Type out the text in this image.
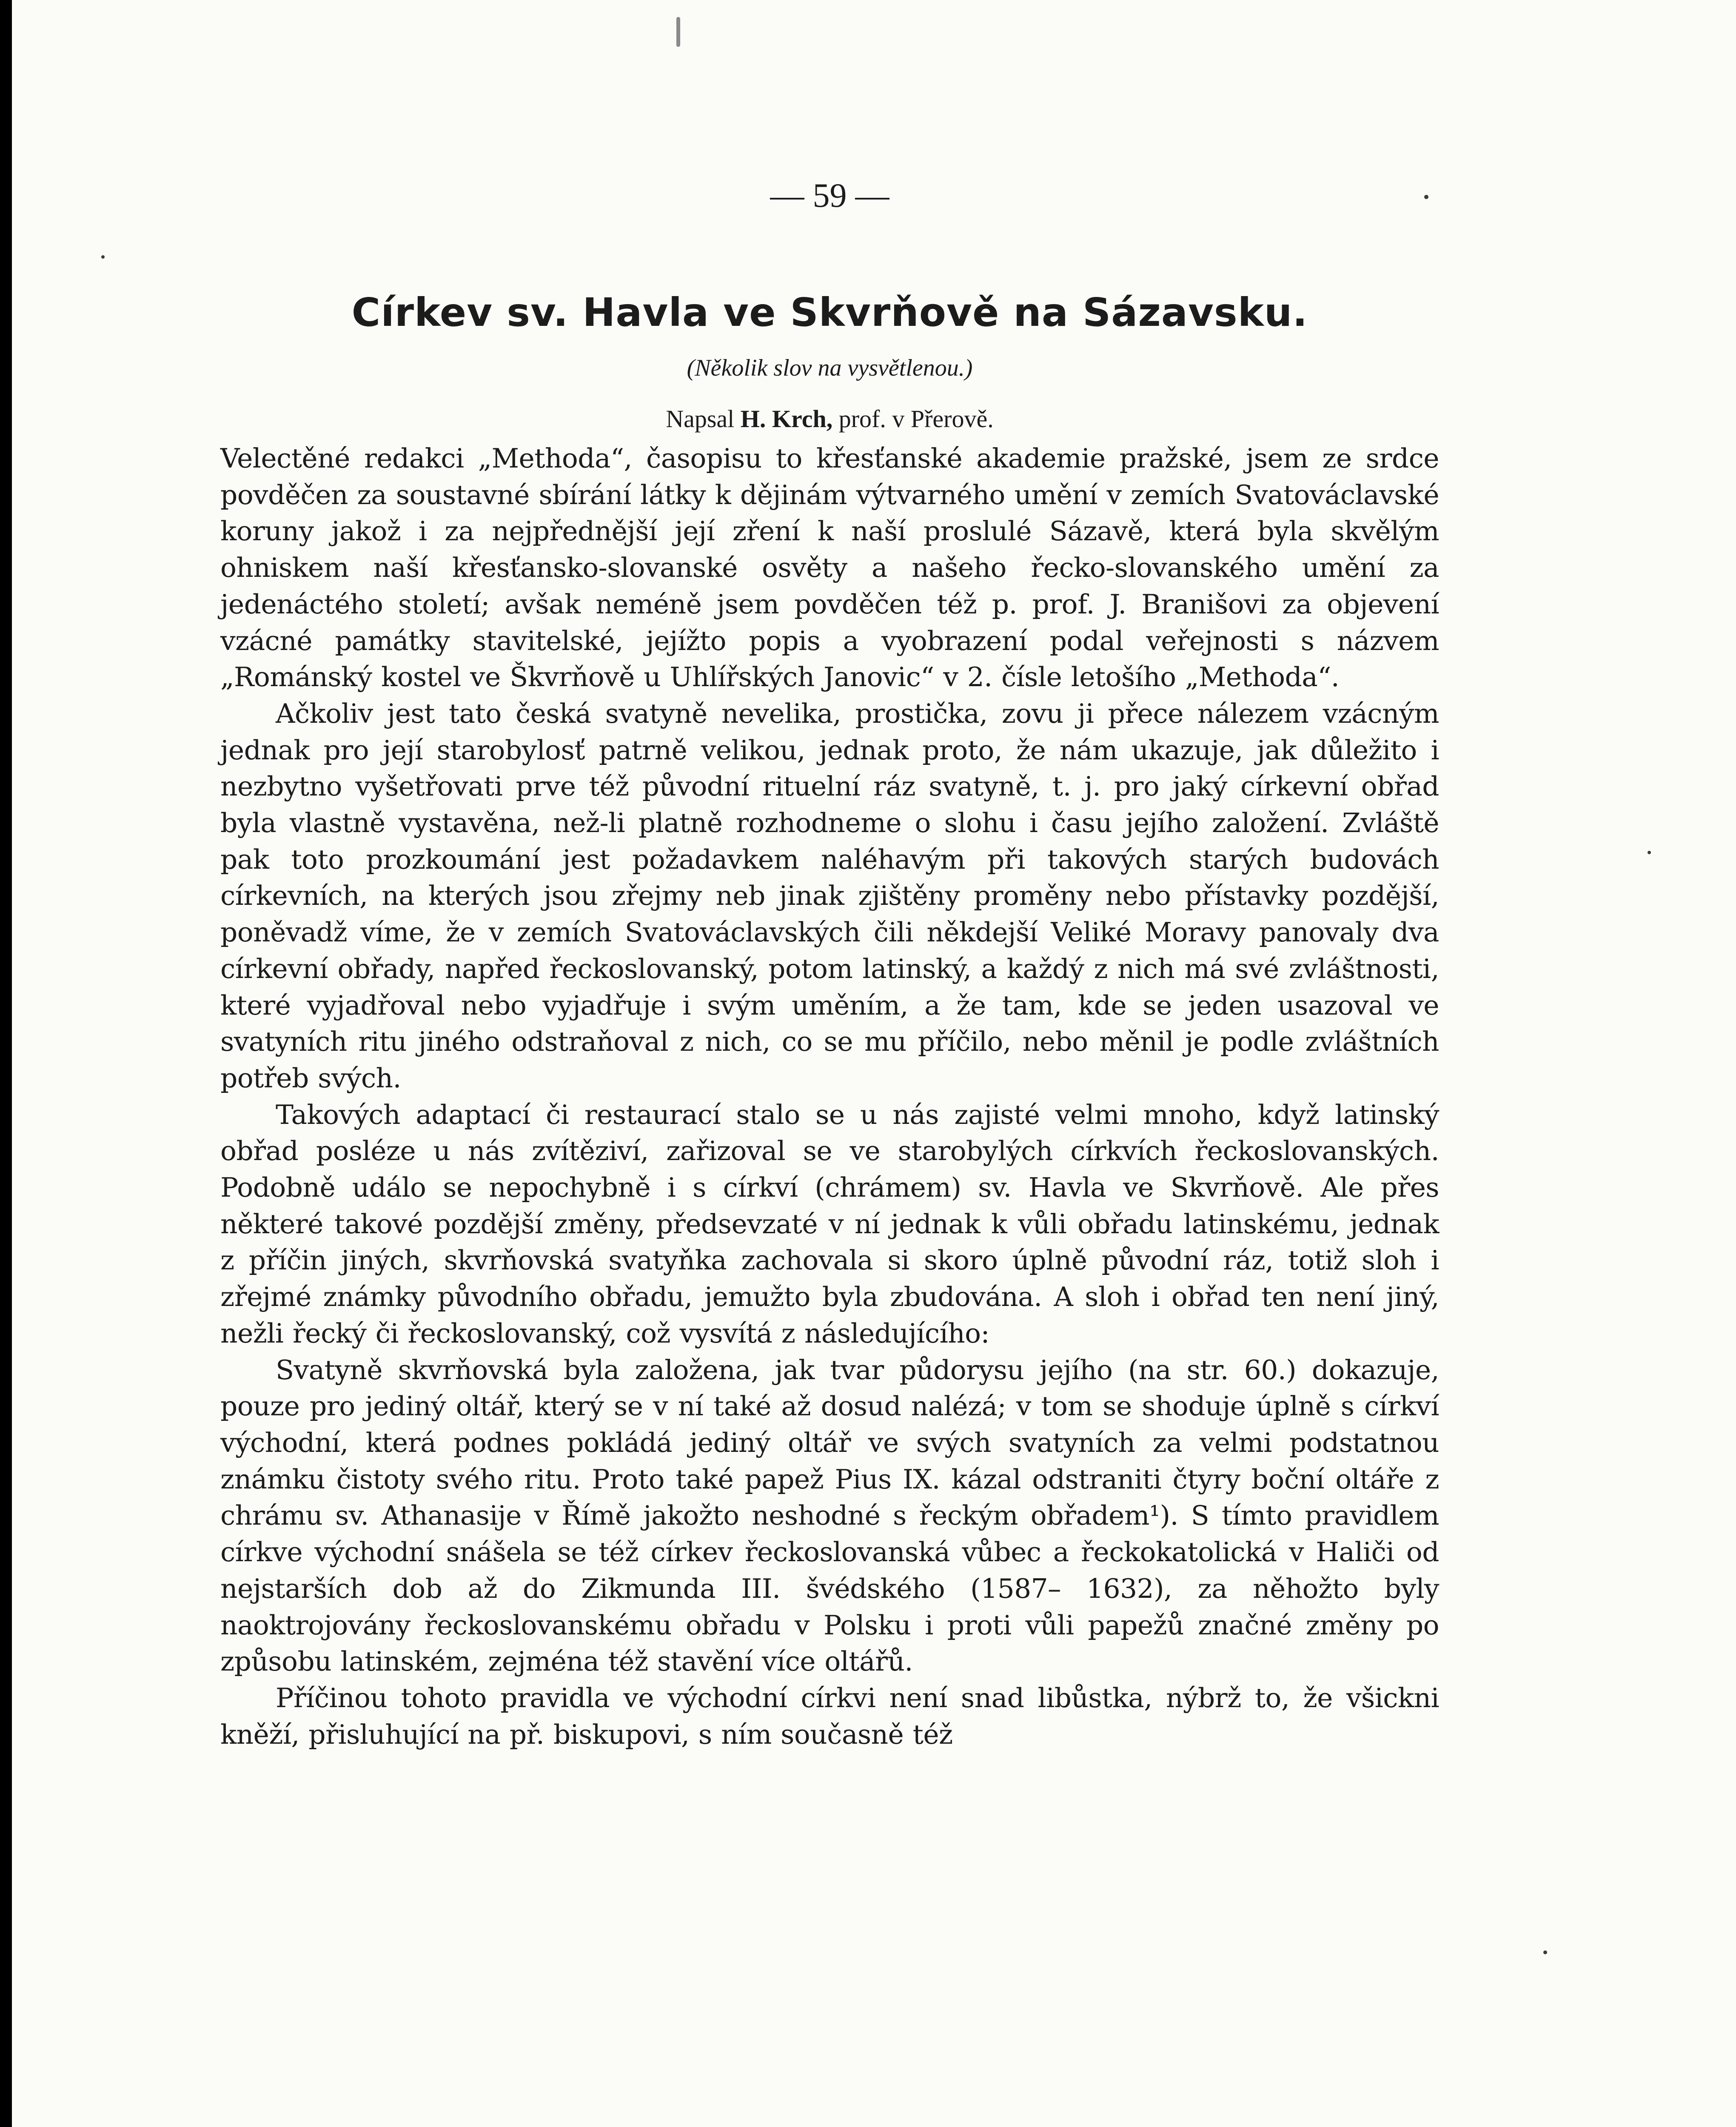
— 59 —
Církev sv. Havla ve Skvrňově na Sázavsku.
(Několik slov na vysvětlenou.)
Napsal H. Krch, prof. v Přerově.

Velectěné redakci „Methoda“, časopisu to křesťanské akademie pražské, jsem ze srdce povděčen za soustavné sbírání látky k dějinám výtvarného umění v zemích Svatováclavské koruny jakož i za nejpřednější její zření k naší proslulé Sázavě, která byla skvělým ohniskem naší křesťansko-slovanské osvěty a našeho řecko-slovanského umění za jedenáctého století; avšak neméně jsem povděčen též p. prof. J. Branišovi za objevení vzácné památky stavitelské, jejížto popis a vyobrazení podal veřejnosti s názvem „Románský kostel ve Škvrňově u Uhlířských Janovic“ v 2. čísle letošího „Methoda“.

Ačkoliv jest tato česká svatyně nevelika, prostička, zovu ji přece nálezem vzácným jednak pro její starobylosť patrně velikou, jednak proto, že nám ukazuje, jak důležito i nezbytno vyšetřovati prve též původní rituelní ráz svatyně, t. j. pro jaký církevní obřad byla vlastně vystavěna, než-li platně rozhodneme o slohu i času jejího založení. Zvláště pak toto prozkoumání jest požadavkem naléhavým při takových starých budovách církevních, na kterých jsou zřejmy neb jinak zjištěny proměny nebo přístavky pozdější, poněvadž víme, že v zemích Svatováclavských čili někdejší Veliké Moravy panovaly dva církevní obřady, napřed řeckoslovanský, potom latinský, a každý z nich má své zvláštnosti, které vyjadřoval nebo vyjadřuje i svým uměním, a že tam, kde se jeden usazoval ve svatyních ritu jiného odstraňoval z nich, co se mu příčilo, nebo měnil je podle zvláštních potřeb svých.

Takových adaptací či restaurací stalo se u nás zajisté velmi mnoho, když latinský obřad posléze u nás zvítěziví, zařizoval se ve starobylých církvích řeckoslovanských. Podobně událo se nepochybně i s církví (chrámem) sv. Havla ve Skvrňově. Ale přes některé takové pozdější změny, předsevzaté v ní jednak k vůli obřadu latinskému, jednak z příčin jiných, skvrňovská svatyňka zachovala si skoro úplně původní ráz, totiž sloh i zřejmé známky původního obřadu, jemužto byla zbudována. A sloh i obřad ten není jiný, nežli řecký či řeckoslovanský, což vysvítá z následujícího:

Svatyně skvrňovská byla založena, jak tvar půdorysu jejího (na str. 60.) dokazuje, pouze pro jediný oltář, který se v ní také až dosud nalézá; v tom se shoduje úplně s církví východní, která podnes pokládá jediný oltář ve svých svatyních za velmi podstatnou známku čistoty svého ritu. Proto také papež Pius IX. kázal odstraniti čtyry boční oltáře z chrámu sv. Athanasije v Římě jakožto neshodné s řeckým obřadem¹). S tímto pravidlem církve východní snášela se též církev řeckoslovanská vůbec a řeckokatolická v Haliči od nejstarších dob až do Zikmunda III. švédského (1587– 1632), za něhožto byly naoktrojovány řeckoslovanskému obřadu v Polsku i proti vůli papežů značné změny po způsobu latinském, zejména též stavění více oltářů.

Příčinou tohoto pravidla ve východní církvi není snad libůstka, nýbrž to, že všickni kněží, přisluhující na př. biskupovi, s ním současně též
